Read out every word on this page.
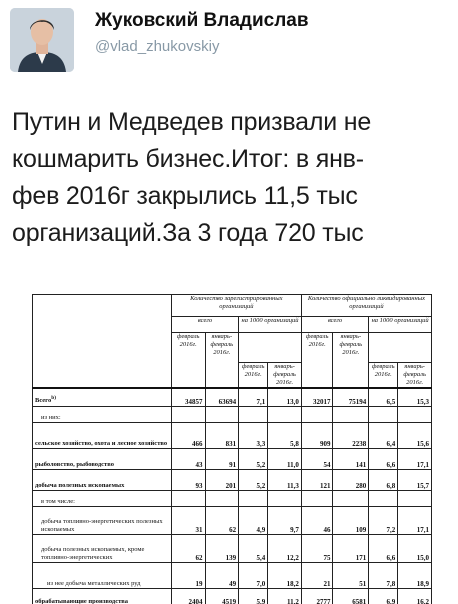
Жуковский Владислав
@vlad_zhukovskiy
Путин и Медведев призвали не
кошмарить бизнес.Итог: в янв-
фев 2016г закрылись 11,5 тыс
организаций.За 3 года 720 тыс
	Количество зарегистрированных организаций				Количество официально ликвидированных организаций			
	всего		на 1000 организаций		всего		на 1000 организаций	
	февраль 2016г.	январь-февраль 2016г.			февраль 2016г.	январь-февраль 2016г.		
			февраль 2016г.	январь-февраль 2016г.			февраль 2016г.	январь-февраль 2016г.
Всего$^{b)}$	34857	63694	7,1	13,0	32017	75194	6,5	15,3
из них:								
сельское хозяйство, охота и лесное хозяйство	466	831	3,3	5,8	909	2238	6,4	15,6
рыболовство, рыбоводство	43	91	5,2	11,0	54	141	6,6	17,1
добыча полезных ископаемых	93	201	5,2	11,3	121	280	6,8	15,7
в том числе:								
добыча топливно-энергетических полезных ископаемых	31	62	4,9	9,7	46	109	7,2	17,1
добыча полезных ископаемых, кроме топливно-энергетических	62	139	5,4	12,2	75	171	6,6	15,0
из нее добыча металлических руд	19	49	7,0	18,2	21	51	7,8	18,9
обрабатывающие производства	2404	4519	5,9	11,2	2777	6581	6,9	16,2
